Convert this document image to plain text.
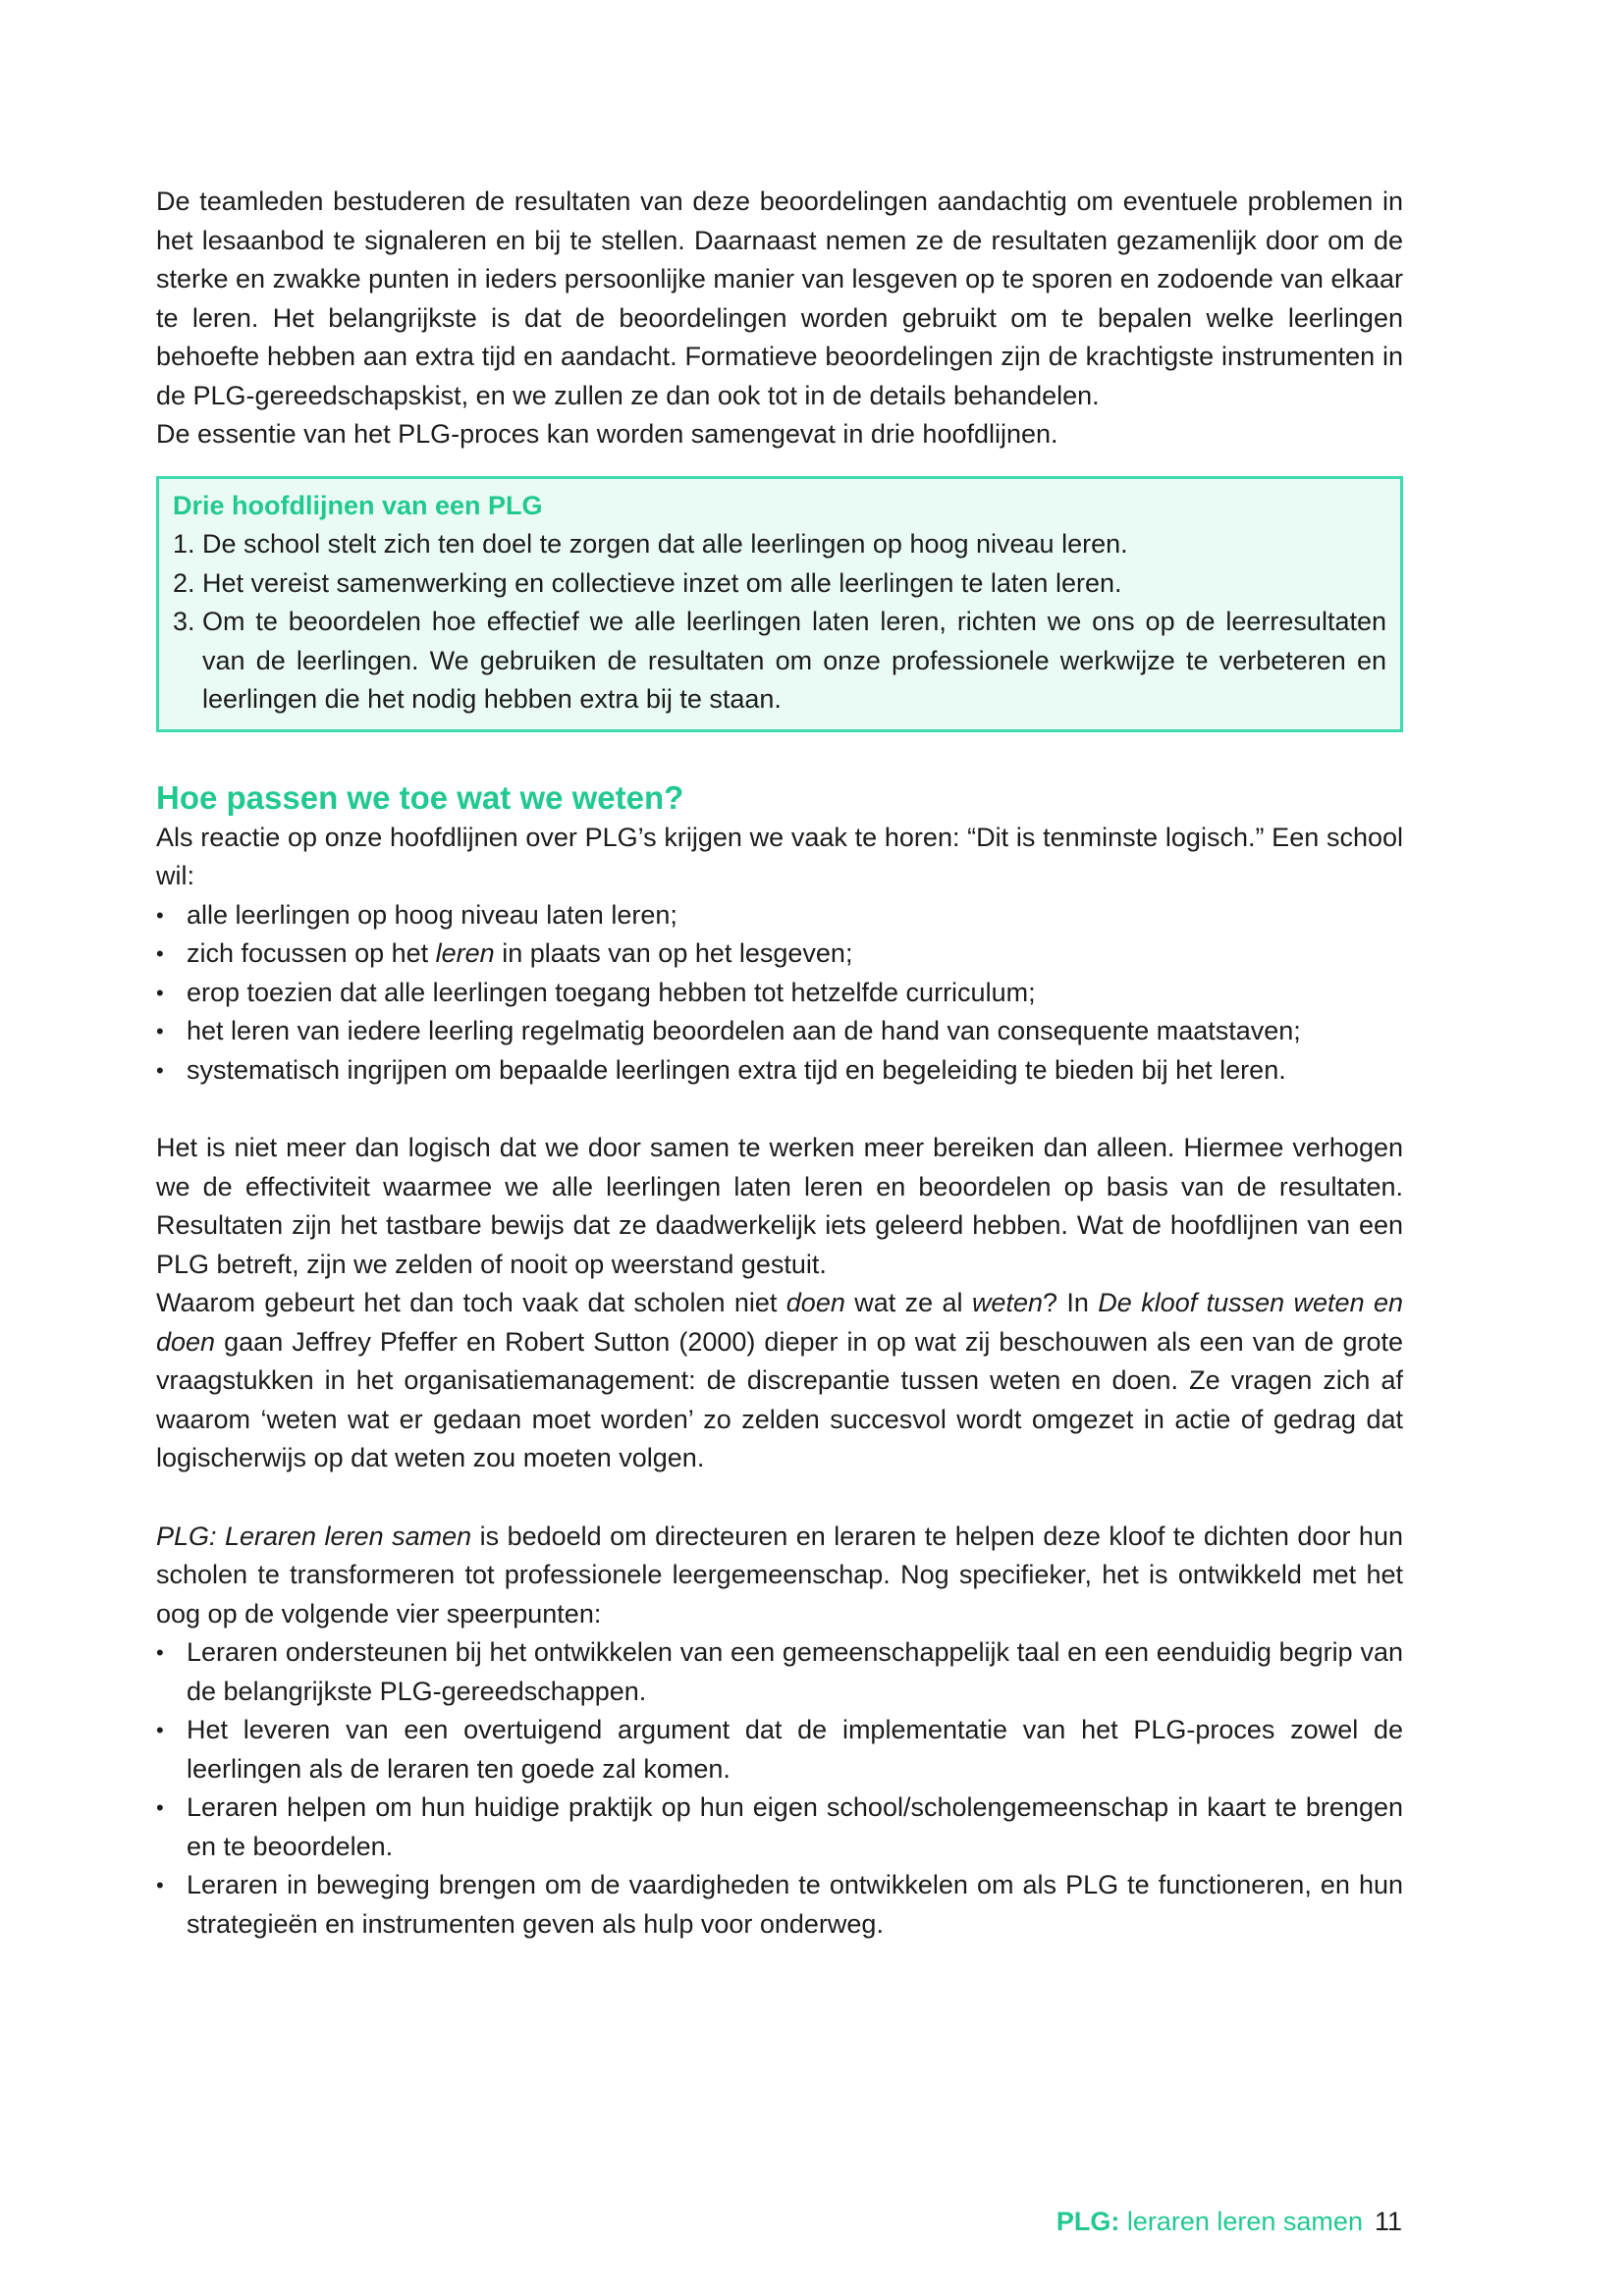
De teamleden bestuderen de resultaten van deze beoordelingen aandachtig om eventuele problemen in het lesaanbod te signaleren en bij te stellen. Daarnaast nemen ze de resultaten gezamenlijk door om de sterke en zwakke punten in ieders persoonlijke manier van lesgeven op te sporen en zodoende van elkaar te leren. Het belangrijkste is dat de beoordelingen worden gebruikt om te bepalen welke leerlingen behoefte hebben aan extra tijd en aandacht. Formatieve beoordelingen zijn de krachtigste instrumenten in de PLG-gereedschapskist, en we zullen ze dan ook tot in de details behandelen.

De essentie van het PLG-proces kan worden samengevat in drie hoofdlijnen.

Drie hoofdlijnen van een PLG
1. De school stelt zich ten doel te zorgen dat alle leerlingen op hoog niveau leren.
2. Het vereist samenwerking en collectieve inzet om alle leerlingen te laten leren.
3. Om te beoordelen hoe effectief we alle leerlingen laten leren, richten we ons op de leerresultaten van de leerlingen. We gebruiken de resultaten om onze professionele werkwijze te verbeteren en leerlingen die het nodig hebben extra bij te staan.
Hoe passen we toe wat we weten?

Als reactie op onze hoofdlijnen over PLG’s krijgen we vaak te horen: “Dit is tenminste logisch.” Een school wil:

• alle leerlingen op hoog niveau laten leren;
• zich focussen op het leren in plaats van op het lesgeven;
• erop toezien dat alle leerlingen toegang hebben tot hetzelfde curriculum;
• het leren van iedere leerling regelmatig beoordelen aan de hand van consequente maatstaven;
• systematisch ingrijpen om bepaalde leerlingen extra tijd en begeleiding te bieden bij het leren.

Het is niet meer dan logisch dat we door samen te werken meer bereiken dan alleen. Hiermee verhogen we de effectiviteit waarmee we alle leerlingen laten leren en beoordelen op basis van de resultaten. Resultaten zijn het tastbare bewijs dat ze daadwerkelijk iets geleerd hebben. Wat de hoofdlijnen van een PLG betreft, zijn we zelden of nooit op weerstand gestuit.

Waarom gebeurt het dan toch vaak dat scholen niet doen wat ze al weten? In De kloof tussen weten en doen gaan Jeffrey Pfeffer en Robert Sutton (2000) dieper in op wat zij beschouwen als een van de grote vraagstukken in het organisatiemanagement: de discrepantie tussen weten en doen. Ze vragen zich af waarom ‘weten wat er gedaan moet worden’ zo zelden succesvol wordt omgezet in actie of gedrag dat logischerwijs op dat weten zou moeten volgen.

PLG: Leraren leren samen is bedoeld om directeuren en leraren te helpen deze kloof te dichten door hun scholen te transformeren tot professionele leergemeenschap. Nog specifieker, het is ontwikkeld met het oog op de volgende vier speerpunten:

• Leraren ondersteunen bij het ontwikkelen van een gemeenschappelijk taal en een eenduidig begrip van de belangrijkste PLG-gereedschappen.
• Het leveren van een overtuigend argument dat de implementatie van het PLG-proces zowel de leerlingen als de leraren ten goede zal komen.
• Leraren helpen om hun huidige praktijk op hun eigen school/scholengemeenschap in kaart te brengen en te beoordelen.
• Leraren in beweging brengen om de vaardigheden te ontwikkelen om als PLG te functioneren, en hun strategieën en instrumenten geven als hulp voor onderweg.
PLG: leraren leren samen 11
